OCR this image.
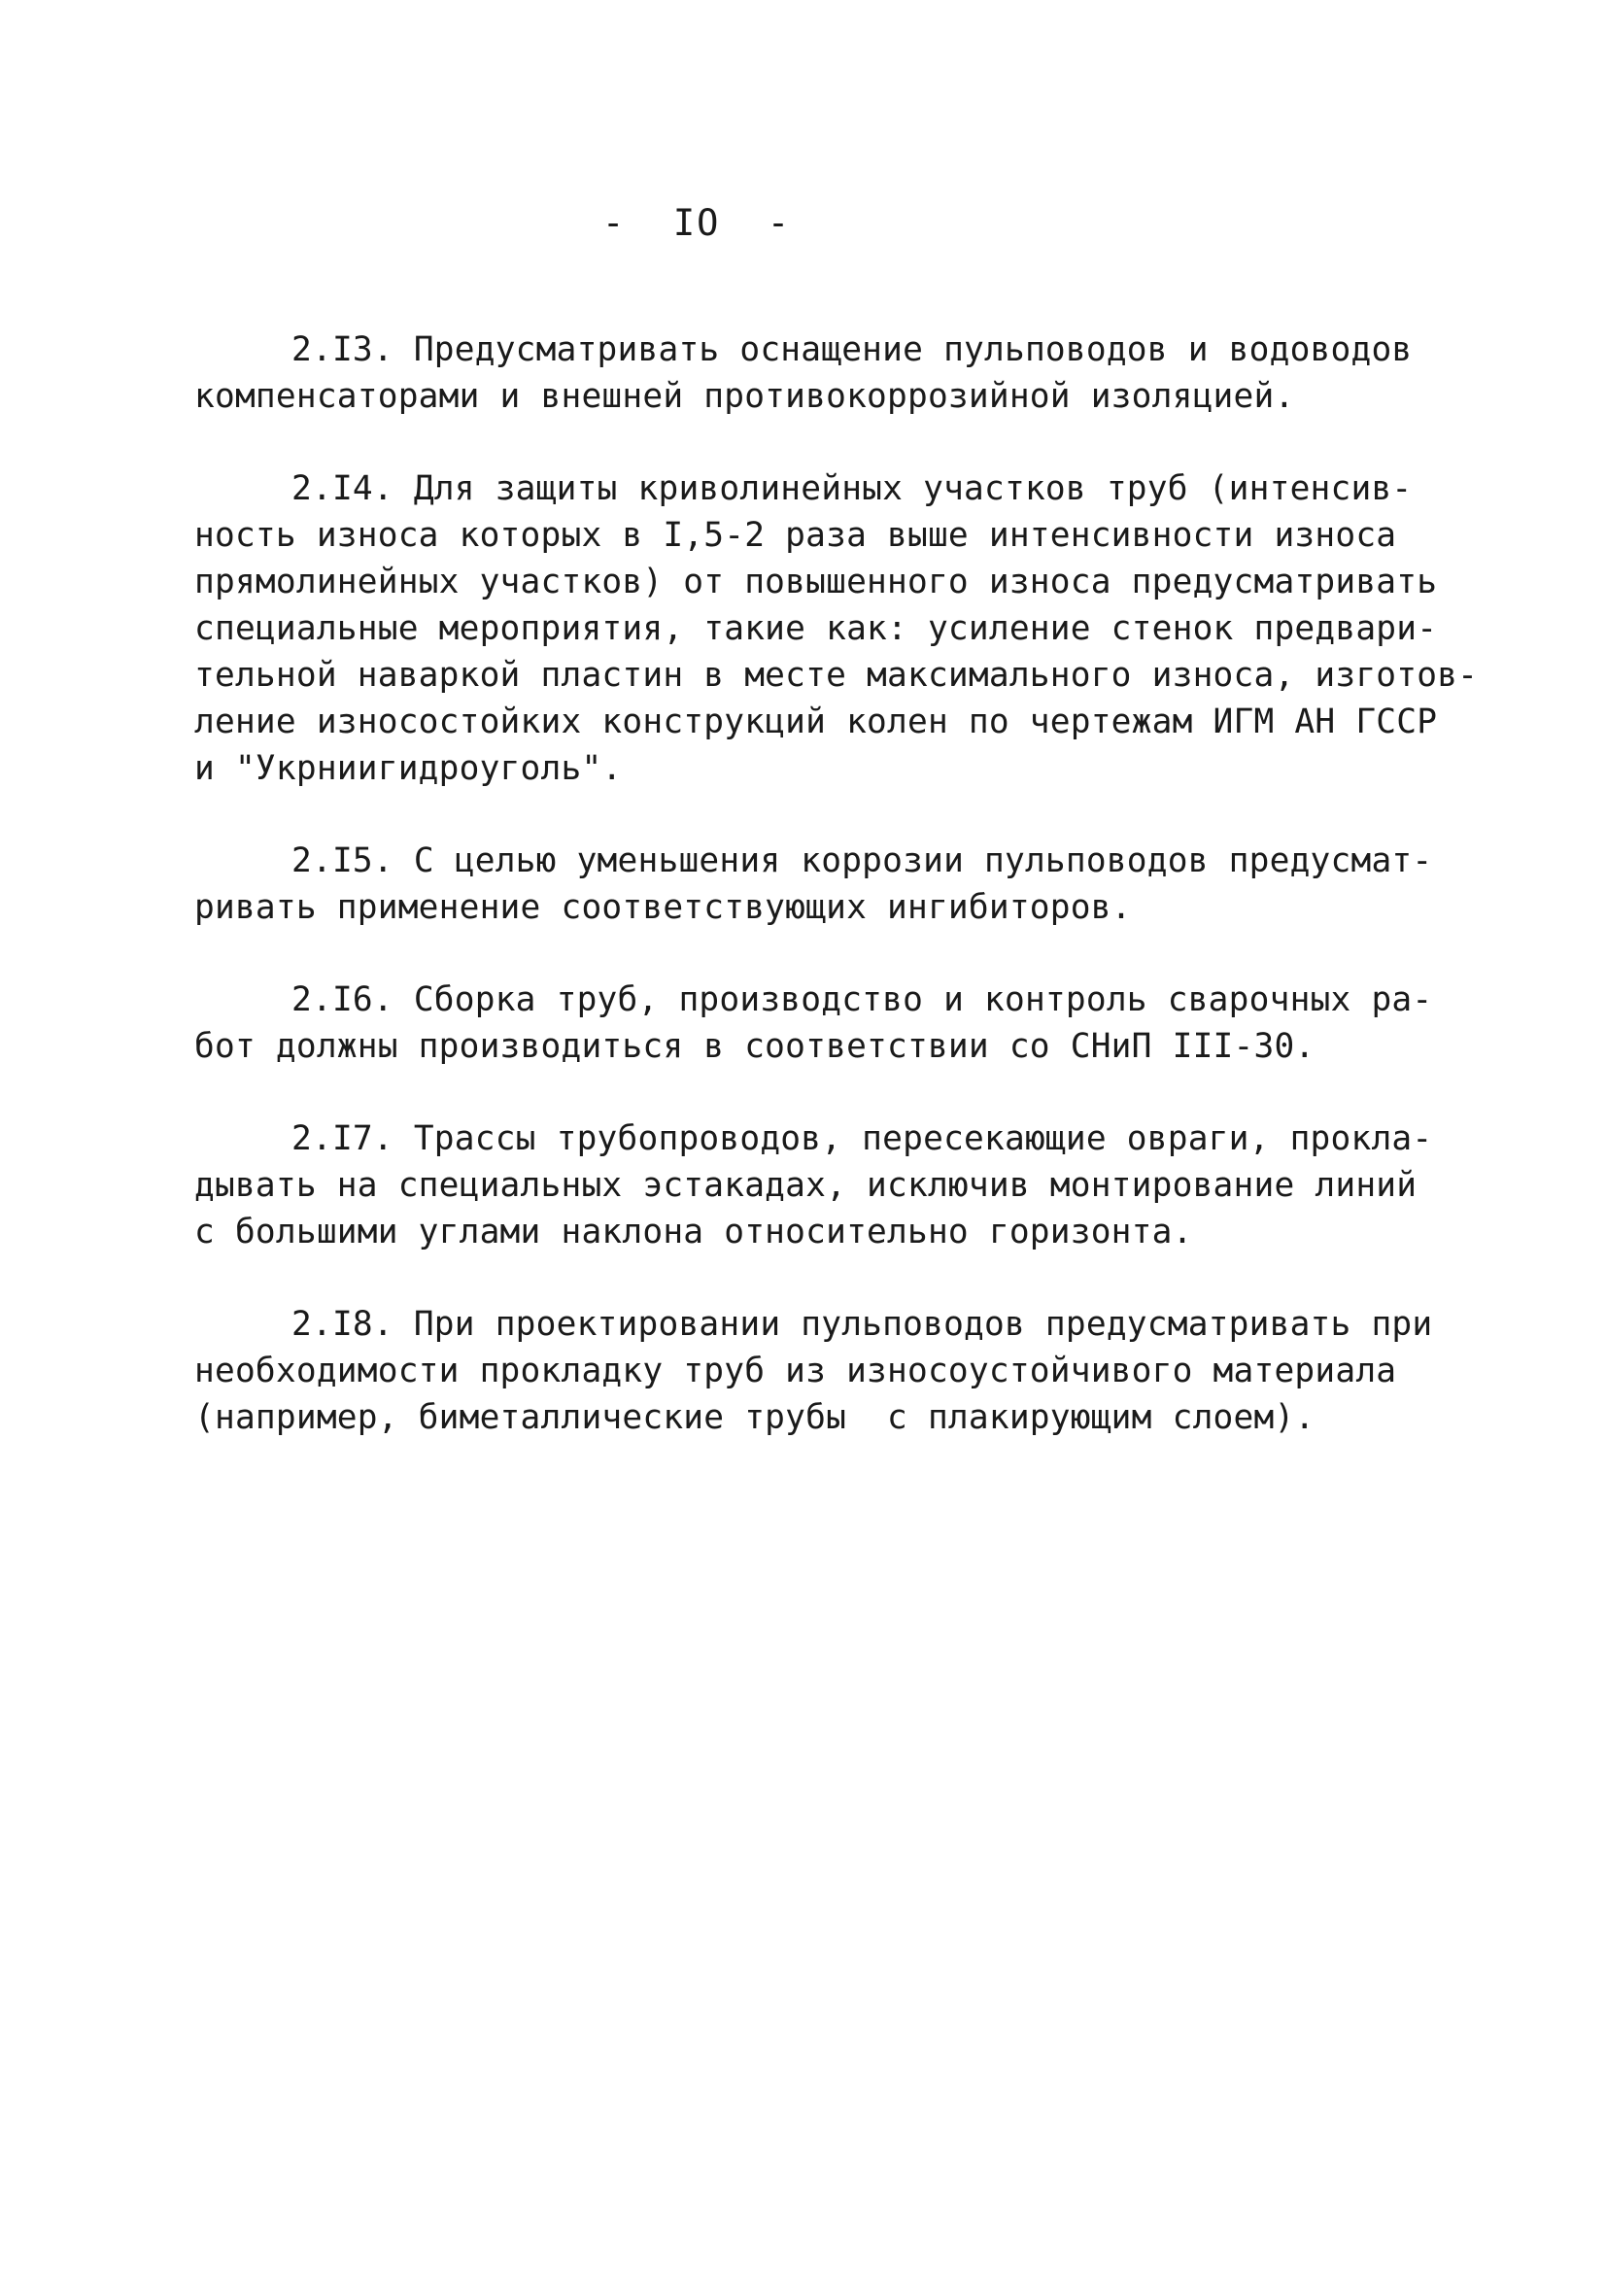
-  IO  -
2.I3. Предусматривать оснащение пульповодов и водоводов
компенсаторами и внешней противокоррозийной изоляцией.
2.I4. Для защиты криволинейных участков труб (интенсив-
ность износа которых в I,5-2 раза выше интенсивности износа
прямолинейных участков) от повышенного износа предусматривать
специальные мероприятия, такие как: усиление стенок предвари-
тельной наваркой пластин в месте максимального износа, изготов-
ление износостойких конструкций колен по чертежам ИГМ АН ГССР
и "Укрниигидроуголь".
2.I5. С целью уменьшения коррозии пульповодов предусмат-
ривать применение соответствующих ингибиторов.
2.I6. Сборка труб, производство и контроль сварочных ра-
бот должны производиться в соответствии со СНиП III-30.
2.I7. Трассы трубопроводов, пересекающие овраги, прокла-
дывать на специальных эстакадах, исключив монтирование линий
с большими углами наклона относительно горизонта.
2.I8. При проектировании пульповодов предусматривать при
необходимости прокладку труб из износоустойчивого материала
(например, биметаллические трубы  с плакирующим слоем).
